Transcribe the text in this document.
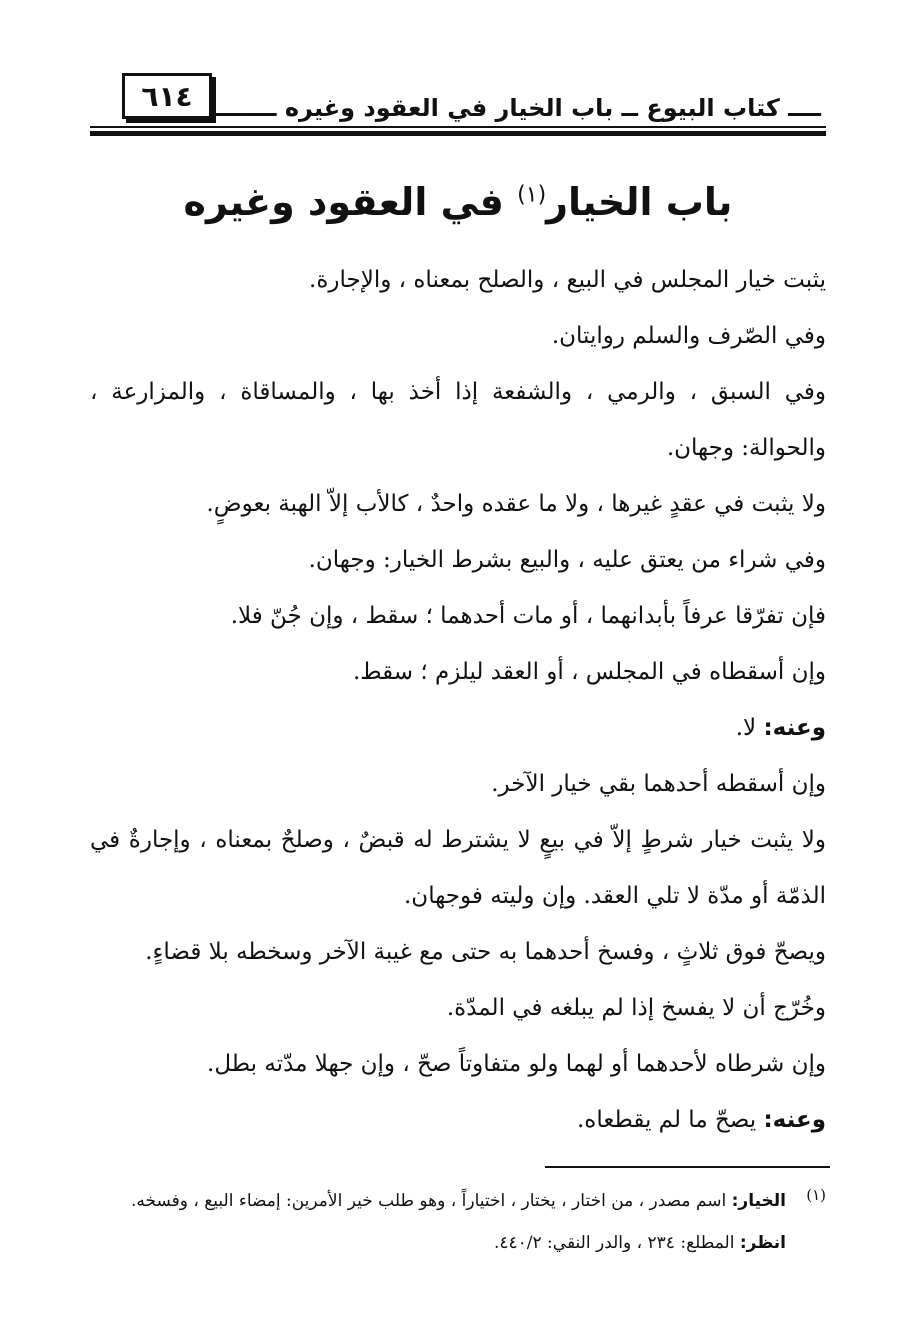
٦١٤ ــــ كتاب البيوع ــ باب الخيار في العقود وغيره ــــــــ
باب الخيار$^{(١)}$ في العقود وغيره

يثبت خيار المجلس في البيع ، والصلح بمعناه ، والإجارة.

وفي الصّرف والسلم روايتان.

وفي السبق ، والرمي ، والشفعة إذا أخذ بها ، والمساقاة ، والمزارعة ، والحوالة: وجهان.

ولا يثبت في عقدٍ غيرها ، ولا ما عقده واحدٌ ، كالأب إلاّ الهبة بعوضٍ.

وفي شراء من يعتق عليه ، والبيع بشرط الخيار: وجهان.

فإن تفرّقا عرفاً بأبدانهما ، أو مات أحدهما ؛ سقط ، وإن جُنّ فلا.

وإن أسقطاه في المجلس ، أو العقد ليلزم ؛ سقط.

وعنه: لا.

وإن أسقطه أحدهما بقي خيار الآخر.

ولا يثبت خيار شرطٍ إلاّ في بيعٍ لا يشترط له قبضٌ ، وصلحٌ بمعناه ، وإجارةٌ في الذمّة أو مدّة لا تلي العقد. وإن وليته فوجهان.

ويصحّ فوق ثلاثٍ ، وفسخ أحدهما به حتى مع غيبة الآخر وسخطه بلا قضاءٍ.

وخُرّج أن لا يفسخ إذا لم يبلغه في المدّة.

وإن شرطاه لأحدهما أو لهما ولو متفاوتاً صحّ ، وإن جهلا مدّته بطل.

وعنه: يصحّ ما لم يقطعاه.

(١)الخيار: اسم مصدر ، من اختار ، يختار ، اختياراً ، وهو طلب خير الأمرين: إمضاء البيع ، وفسخه. انظر: المطلع: ٢٣٤ ، والدر النقي: ٤٤٠/٢.
